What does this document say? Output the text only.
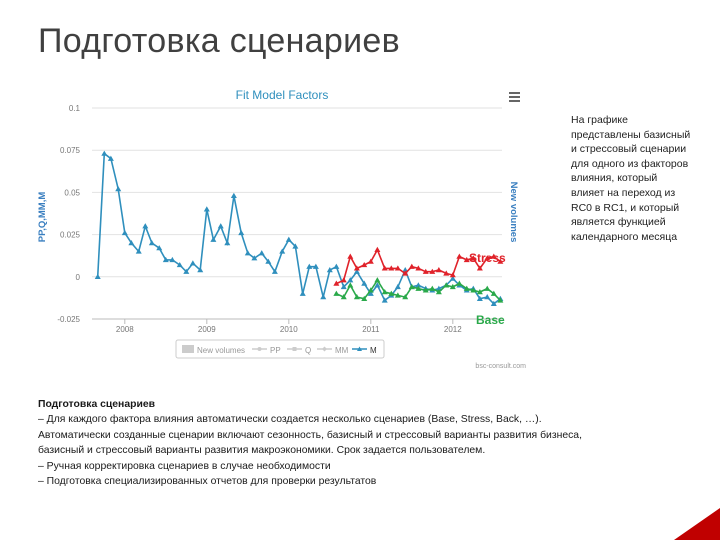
Подготовка сценариев
Fit Model Factors
PP,Q,MM,M	New volumes
0.1
0.075
0.05
0.025
0
-0.025
2008	2009	2010	2011	2012
Stress
Base
New volumes	PP	Q	MM	M
bsc-consult.com
На графике представлены базисный и стрессовый сценарии для одного из факторов влияния, который влияет на переход из RC0 в RC1, и который является функцией календарного месяца
Подготовка сценариев
– Для каждого фактора влияния автоматически создается несколько сценариев (Base, Stress, Back, …).
Автоматически созданные сценарии включают сезонность, базисный и стрессовый варианты развития бизнеса,
базисный и стрессовый варианты развития макроэкономики. Срок задается пользователем.
– Ручная корректировка сценариев в случае необходимости
– Подготовка специализированных отчетов для проверки результатов
